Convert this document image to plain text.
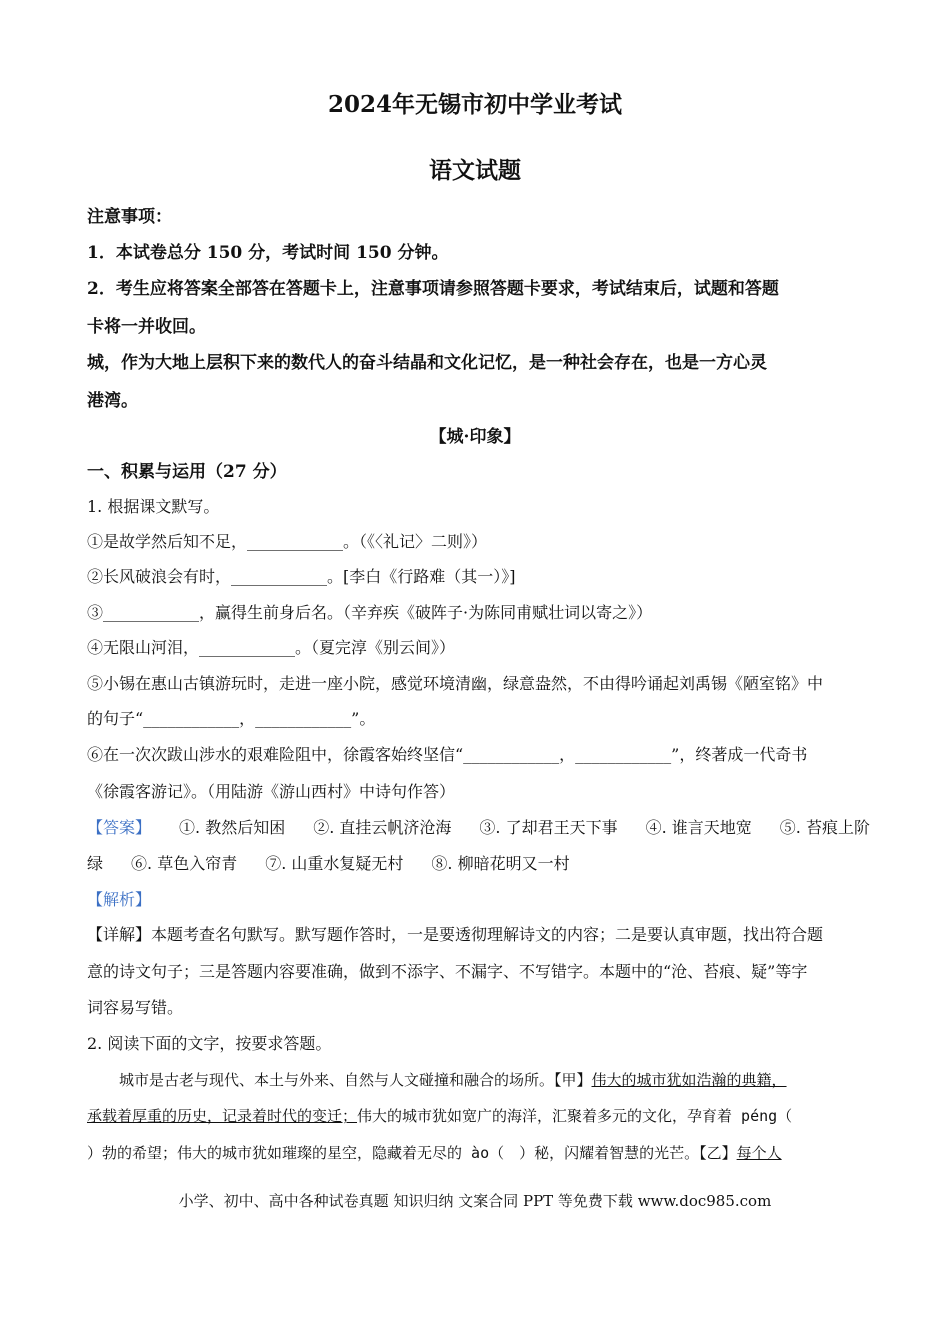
2024年无锡市初中学业考试
语文试题
注意事项：
1．本试卷总分 150 分，考试时间 150 分钟。
2．考生应将答案全部答在答题卡上，注意事项请参照答题卡要求，考试结束后，试题和答题
卡将一并收回。
城，作为大地上层积下来的数代人的奋斗结晶和文化记忆，是一种社会存在，也是一方心灵
港湾。
【城·印象】
一、积累与运用（27 分）
1. 根据课文默写。
①是故学然后知不足，____________。（《〈礼记〉二则》）
②长风破浪会有时，____________。[李白《行路难（其一）》]
③____________，赢得生前身后名。（辛弃疾《破阵子·为陈同甫赋壮词以寄之》）
④无限山河泪，____________。（夏完淳《别云间》）
⑤小锡在惠山古镇游玩时，走进一座小院，感觉环境清幽，绿意盎然，不由得吟诵起刘禹锡《陋室铭》中
的句子“____________，____________”。
⑥在一次次跋山涉水的艰难险阻中，徐霞客始终坚信“____________，____________”，终著成一代奇书
《徐霞客游记》。（用陆游《游山西村》中诗句作答）
【答案】 ①. 教然后知困 ②. 直挂云帆济沧海 ③. 了却君王天下事 ④. 谁言天地宽 ⑤. 苔痕上阶
绿 ⑥. 草色入帘青 ⑦. 山重水复疑无村 ⑧. 柳暗花明又一村
【解析】
【详解】本题考查名句默写。默写题作答时，一是要透彻理解诗文的内容；二是要认真审题，找出符合题
意的诗文句子；三是答题内容要准确，做到不添字、不漏字、不写错字。本题中的“沧、苔痕、疑”等字
词容易写错。
2. 阅读下面的文字，按要求答题。
城市是古老与现代、本土与外来、自然与人文碰撞和融合的场所。【甲】伟大的城市犹如浩瀚的典籍，
承载着厚重的历史，记录着时代的变迁；伟大的城市犹如宽广的海洋，汇聚着多元的文化，孕育着 péng（
）勃的希望；伟大的城市犹如璀璨的星空，隐藏着无尽的 ào（　）秘，闪耀着智慧的光芒。【乙】每个人
小学、初中、高中各种试卷真题 知识归纳 文案合同 PPT 等免费下载 www.doc985.com
